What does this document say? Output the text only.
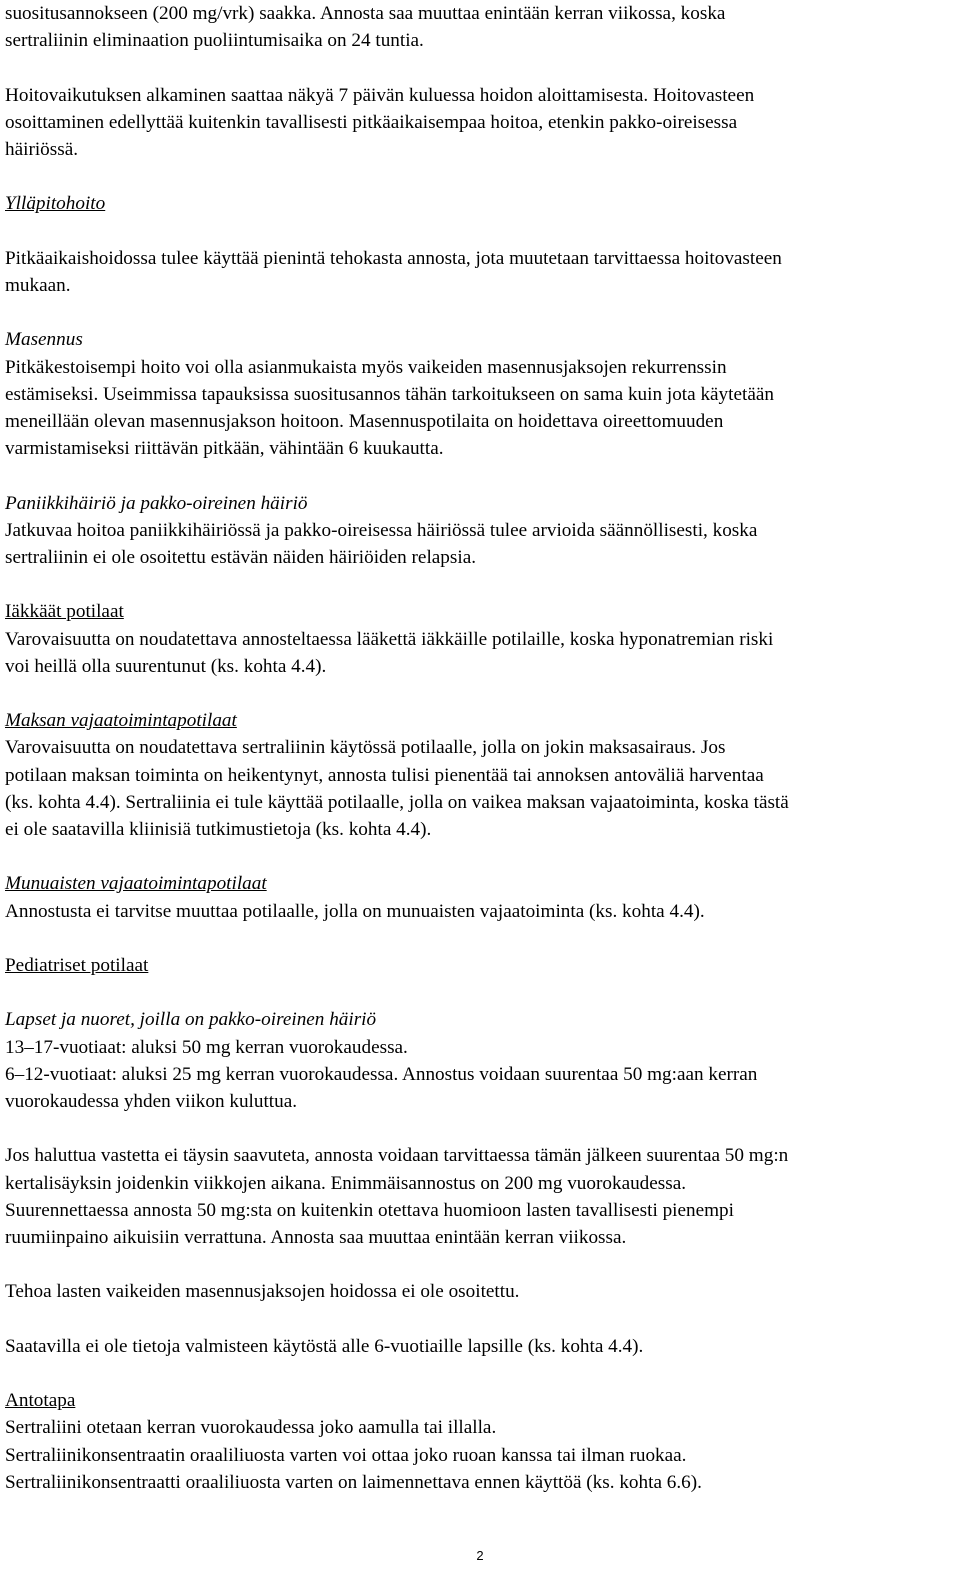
suositusannokseen (200 mg/vrk) saakka. Annosta saa muuttaa enintään kerran viikossa, koska

sertraliinin eliminaation puoliintumisaika on 24 tuntia.

Hoitovaikutuksen alkaminen saattaa näkyä 7 päivän kuluessa hoidon aloittamisesta. Hoitovasteen

osoittaminen edellyttää kuitenkin tavallisesti pitkäaikaisempaa hoitoa, etenkin pakko-oireisessa

häiriössä.

Ylläpitohoito

Pitkäaikaishoidossa tulee käyttää pienintä tehokasta annosta, jota muutetaan tarvittaessa hoitovasteen

mukaan.

Masennus

Pitkäkestoisempi hoito voi olla asianmukaista myös vaikeiden masennusjaksojen rekurrenssin

estämiseksi. Useimmissa tapauksissa suositusannos tähän tarkoitukseen on sama kuin jota käytetään

meneillään olevan masennusjakson hoitoon. Masennuspotilaita on hoidettava oireettomuuden

varmistamiseksi riittävän pitkään, vähintään 6 kuukautta.

Paniikkihäiriö ja pakko-oireinen häiriö

Jatkuvaa hoitoa paniikkihäiriössä ja pakko-oireisessa häiriössä tulee arvioida säännöllisesti, koska

sertraliinin ei ole osoitettu estävän näiden häiriöiden relapsia.

Iäkkäät potilaat

Varovaisuutta on noudatettava annosteltaessa lääkettä iäkkäille potilaille, koska hyponatremian riski

voi heillä olla suurentunut (ks. kohta 4.4).

Maksan vajaatoimintapotilaat

Varovaisuutta on noudatettava sertraliinin käytössä potilaalle, jolla on jokin maksasairaus. Jos

potilaan maksan toiminta on heikentynyt, annosta tulisi pienentää tai annoksen antoväliä harventaa

(ks. kohta 4.4). Sertraliinia ei tule käyttää potilaalle, jolla on vaikea maksan vajaatoiminta, koska tästä

ei ole saatavilla kliinisiä tutkimustietoja (ks. kohta 4.4).

Munuaisten vajaatoimintapotilaat

Annostusta ei tarvitse muuttaa potilaalle, jolla on munuaisten vajaatoiminta (ks. kohta 4.4).

Pediatriset potilaat

Lapset ja nuoret, joilla on pakko-oireinen häiriö

13–17-vuotiaat: aluksi 50 mg kerran vuorokaudessa.

6–12-vuotiaat: aluksi 25 mg kerran vuorokaudessa. Annostus voidaan suurentaa 50 mg:aan kerran

vuorokaudessa yhden viikon kuluttua.

Jos haluttua vastetta ei täysin saavuteta, annosta voidaan tarvittaessa tämän jälkeen suurentaa 50 mg:n

kertalisäyksin joidenkin viikkojen aikana. Enimmäisannostus on 200 mg vuorokaudessa.

Suurennettaessa annosta 50 mg:sta on kuitenkin otettava huomioon lasten tavallisesti pienempi

ruumiinpaino aikuisiin verrattuna. Annosta saa muuttaa enintään kerran viikossa.

Tehoa lasten vaikeiden masennusjaksojen hoidossa ei ole osoitettu.

Saatavilla ei ole tietoja valmisteen käytöstä alle 6-vuotiaille lapsille (ks. kohta 4.4).

Antotapa

Sertraliini otetaan kerran vuorokaudessa joko aamulla tai illalla.

Sertraliinikonsentraatin oraaliliuosta varten voi ottaa joko ruoan kanssa tai ilman ruokaa.

Sertraliinikonsentraatti oraaliliuosta varten on laimennettava ennen käyttöä (ks. kohta 6.6).

2
